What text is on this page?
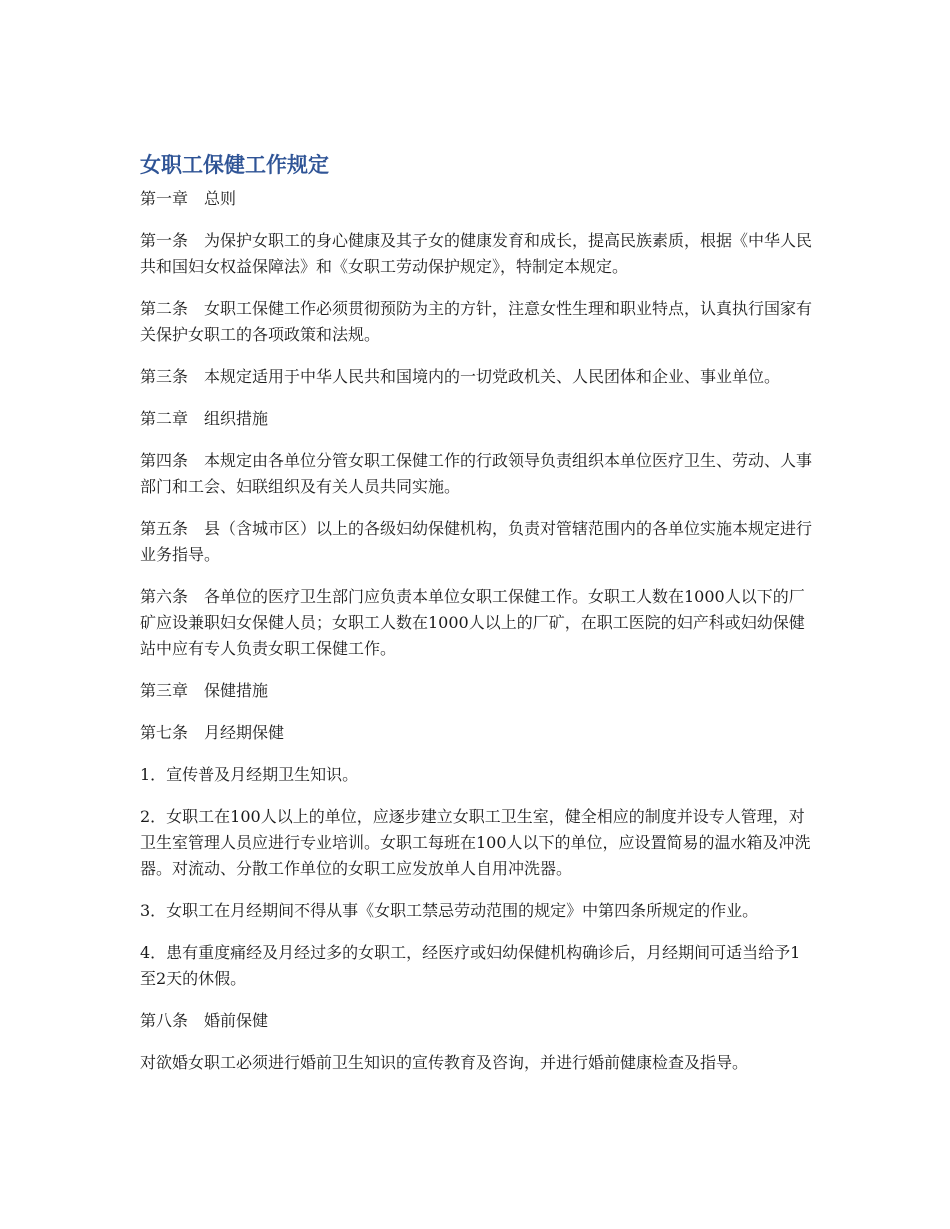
女职工保健工作规定

第一章　总则

第一条　为保护女职工的身心健康及其子女的健康发育和成长，提高民族素质，根据《中华人民共和国妇女权益保障法》和《女职工劳动保护规定》，特制定本规定。

第二条　女职工保健工作必须贯彻预防为主的方针，注意女性生理和职业特点，认真执行国家有关保护女职工的各项政策和法规。

第三条　本规定适用于中华人民共和国境内的一切党政机关、人民团体和企业、事业单位。

第二章　组织措施

第四条　本规定由各单位分管女职工保健工作的行政领导负责组织本单位医疗卫生、劳动、人事部门和工会、妇联组织及有关人员共同实施。

第五条　县（含城市区）以上的各级妇幼保健机构，负责对管辖范围内的各单位实施本规定进行业务指导。

第六条　各单位的医疗卫生部门应负责本单位女职工保健工作。女职工人数在1000人以下的厂矿应设兼职妇女保健人员；女职工人数在1000人以上的厂矿，在职工医院的妇产科或妇幼保健站中应有专人负责女职工保健工作。

第三章　保健措施

第七条　月经期保健

1．宣传普及月经期卫生知识。

2．女职工在100人以上的单位，应逐步建立女职工卫生室，健全相应的制度并设专人管理，对卫生室管理人员应进行专业培训。女职工每班在100人以下的单位，应设置简易的温水箱及冲洗器。对流动、分散工作单位的女职工应发放单人自用冲洗器。

3．女职工在月经期间不得从事《女职工禁忌劳动范围的规定》中第四条所规定的作业。

4．患有重度痛经及月经过多的女职工，经医疗或妇幼保健机构确诊后，月经期间可适当给予1至2天的休假。

第八条　婚前保健

对欲婚女职工必须进行婚前卫生知识的宣传教育及咨询，并进行婚前健康检查及指导。
